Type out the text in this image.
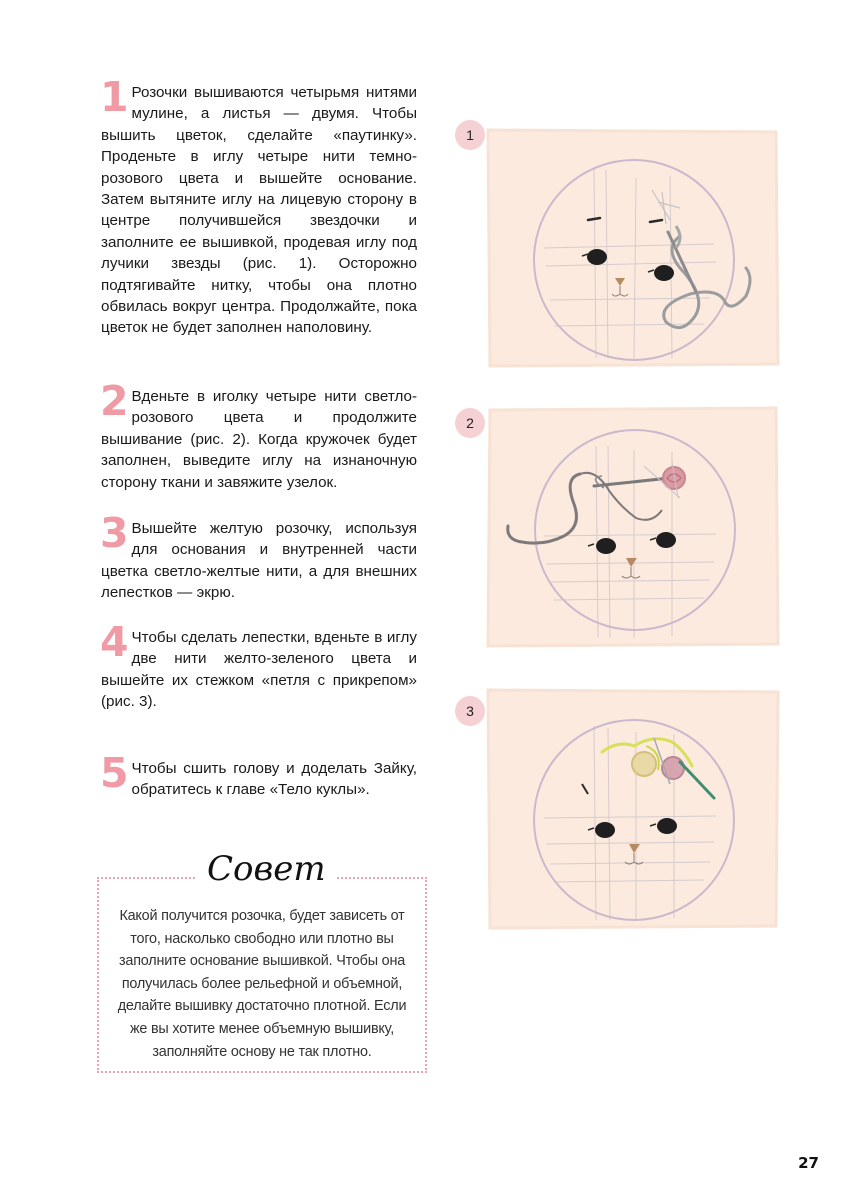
1 Розочки вышиваются четырьмя нитями мулине, а листья — двумя. Чтобы вышить цветок, сделайте «паутинку». Проденьте в иглу четыре нити темно-розового цвета и вышейте основание. Затем вытяните иглу на лицевую сторону в центре получившейся звездочки и заполните ее вышивкой, продевая иглу под лучики звезды (рис. 1). Осторожно подтягивайте нитку, чтобы она плотно обвилась вокруг центра. Продолжайте, пока цветок не будет заполнен наполовину.
2 Вденьте в иголку четыре нити светло-розового цвета и продолжите вышивание (рис. 2). Когда кружочек будет заполнен, выведите иглу на изнаночную сторону ткани и завяжите узелок.
3 Вышейте желтую розочку, используя для основания и внутренней части цветка светло-желтые нити, а для внешних лепестков — экрю.
4 Чтобы сделать лепестки, вденьте в иглу две нити желто-зеленого цвета и вышейте их стежком «петля с прикрепом» (рис. 3).
5 Чтобы сшить голову и доделать Зайку, обратитесь к главе «Тело куклы».
Совет
Какой получится розочка, будет зависеть от того, насколько свободно или плотно вы заполните основание вышивкой. Чтобы она получилась более рельефной и объемной, делайте вышивку достаточно плотной. Если же вы хотите менее объемную вышивку, заполняйте основу не так плотно.
1
2
3
27
